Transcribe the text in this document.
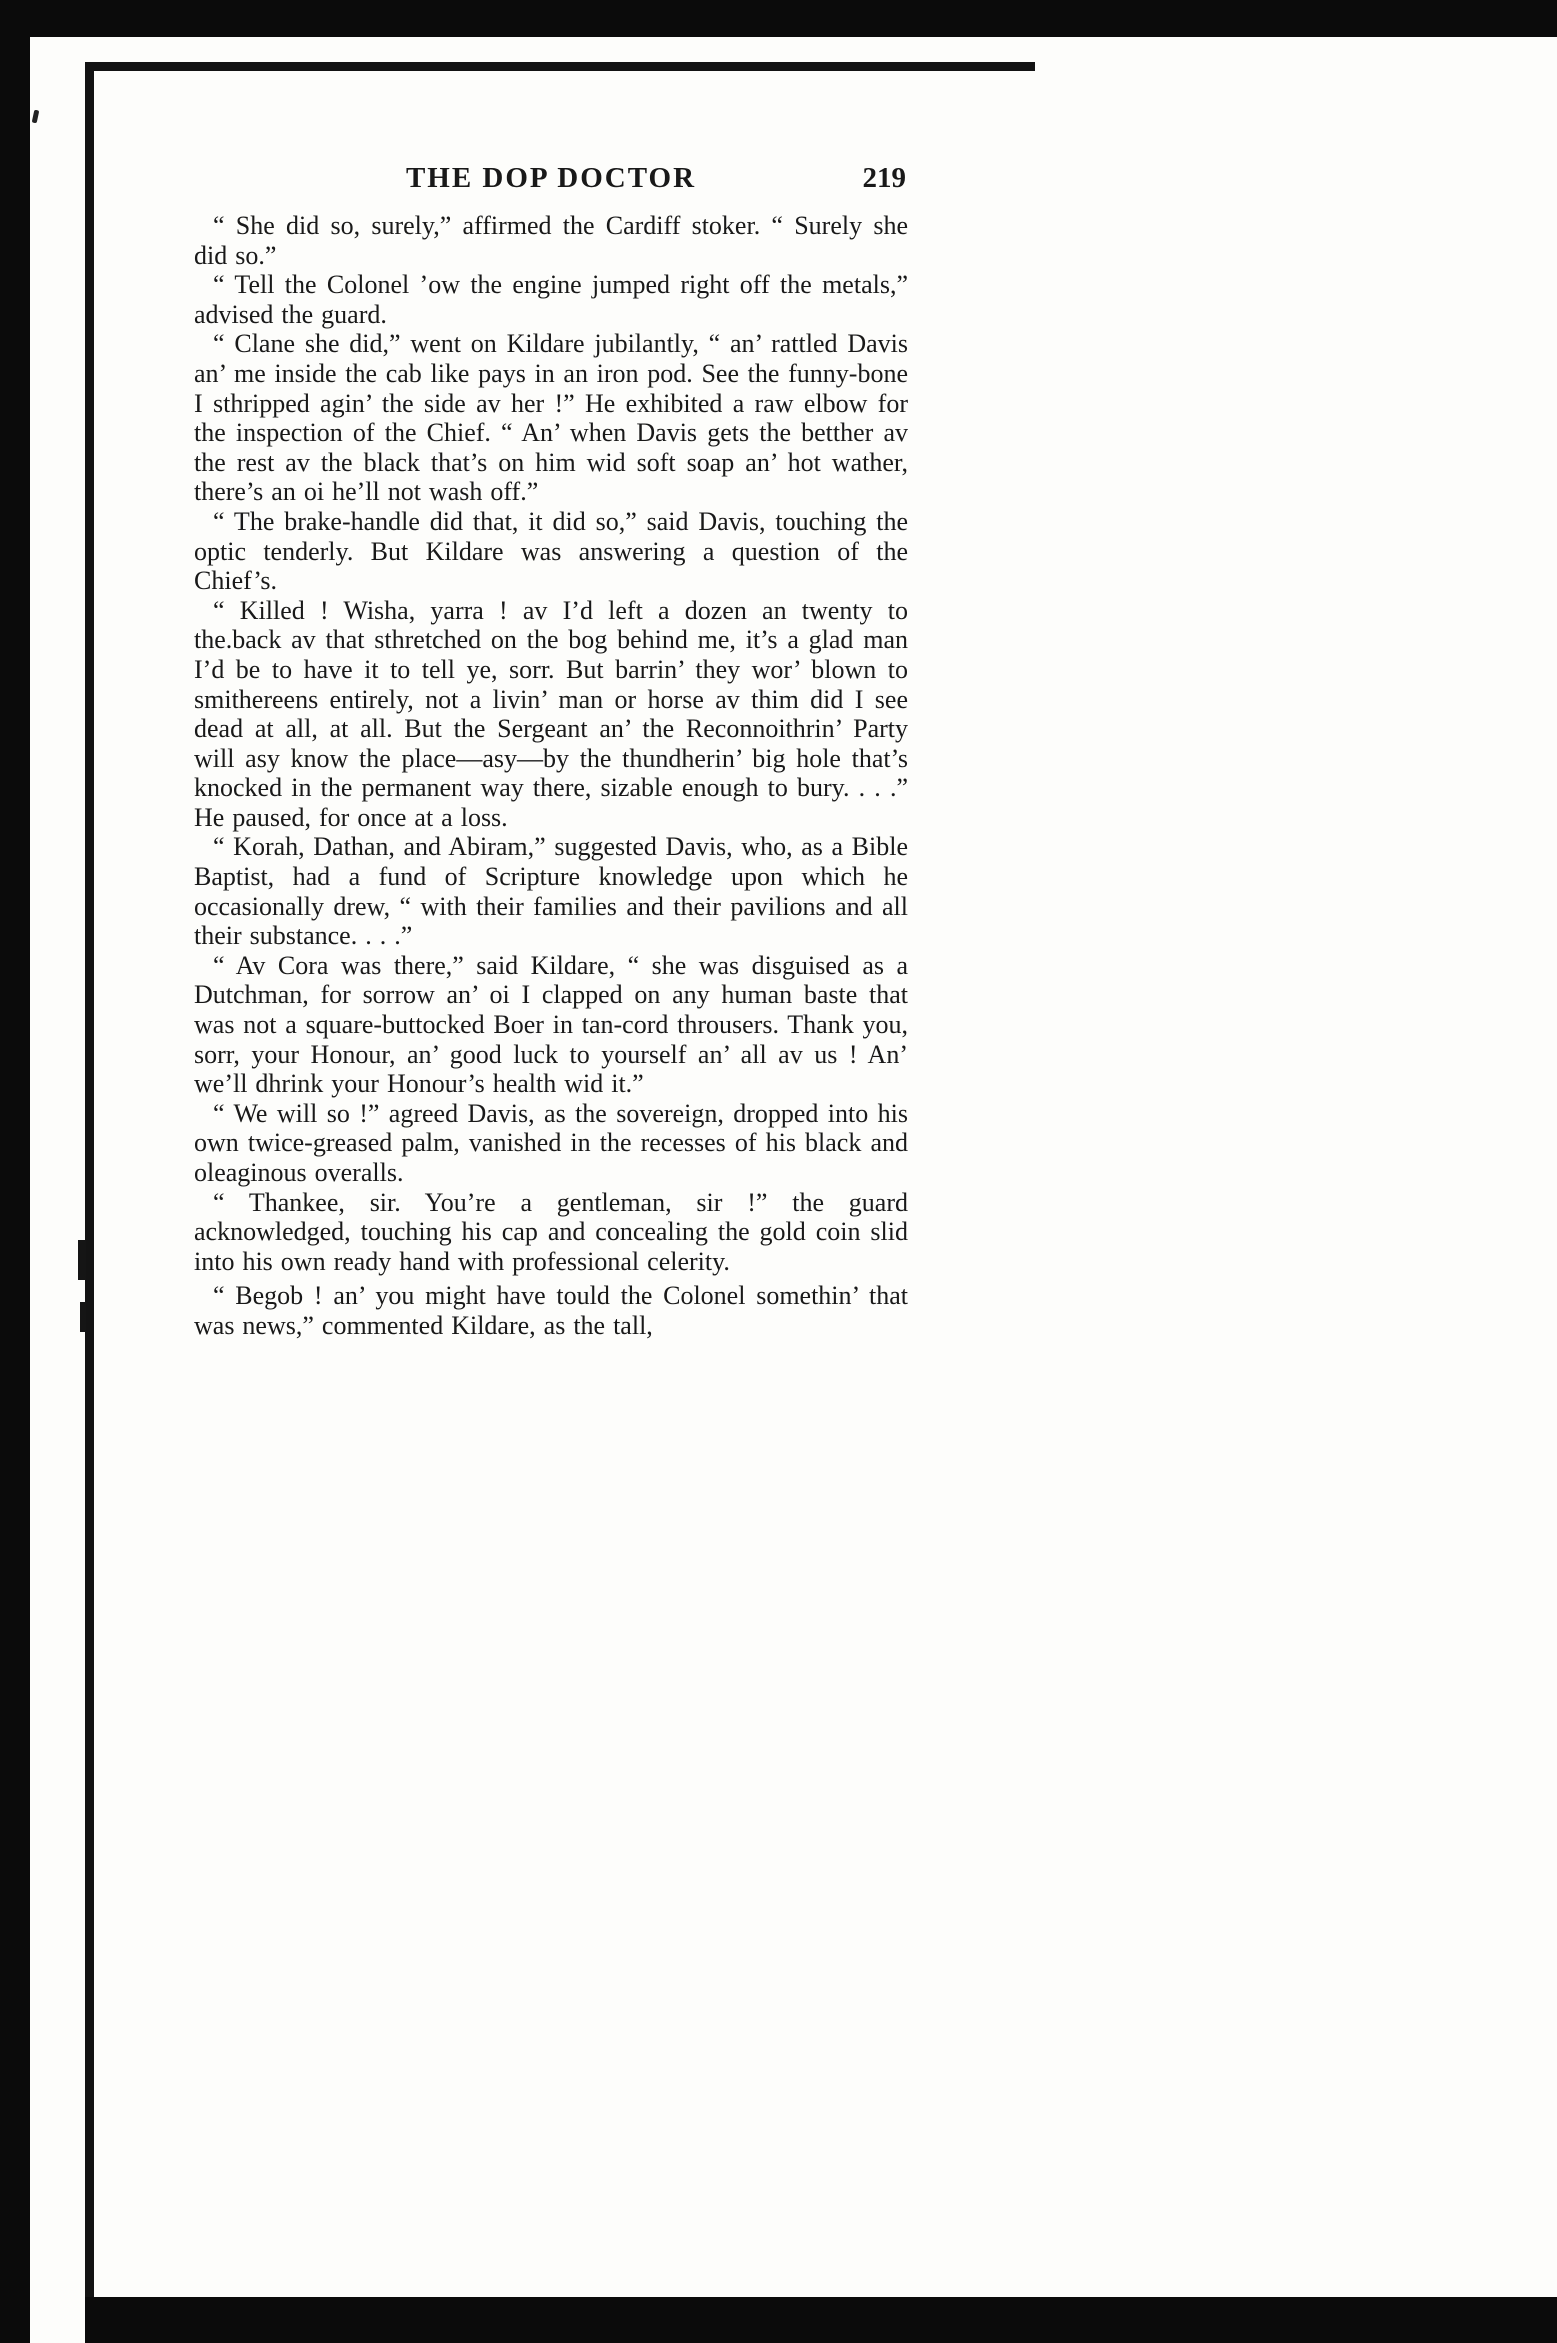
THE DOP DOCTOR	219

“ She did so, surely,” affirmed the Cardiff stoker. “ Surely she did so.”

“ Tell the Colonel ’ow the engine jumped right off the metals,” advised the guard.

“ Clane she did,” went on Kildare jubilantly, “ an’ rattled Davis an’ me inside the cab like pays in an iron pod. See the funny-bone I sthripped agin’ the side av her !” He exhibited a raw elbow for the inspection of the Chief. “ An’ when Davis gets the betther av the rest av the black that’s on him wid soft soap an’ hot wather, there’s an oi he’ll not wash off.”

“ The brake-handle did that, it did so,” said Davis, touching the optic tenderly. But Kildare was answering a question of the Chief’s.

“ Killed ! Wisha, yarra ! av I’d left a dozen an twenty to the.back av that sthretched on the bog behind me, it’s a glad man I’d be to have it to tell ye, sorr. But barrin’ they wor’ blown to smithereens entirely, not a livin’ man or horse av thim did I see dead at all, at all. But the Sergeant an’ the Reconnoithrin’ Party will asy know the place—asy—by the thundherin’ big hole that’s knocked in the permanent way there, sizable enough to bury. . . .” He paused, for once at a loss.

“ Korah, Dathan, and Abiram,” suggested Davis, who, as a Bible Baptist, had a fund of Scripture knowledge upon which he occasionally drew, “ with their families and their pavilions and all their substance. . . .”

“ Av Cora was there,” said Kildare, “ she was disguised as a Dutchman, for sorrow an’ oi I clapped on any human baste that was not a square-buttocked Boer in tan-cord throusers. Thank you, sorr, your Honour, an’ good luck to yourself an’ all av us ! An’ we’ll dhrink your Honour’s health wid it.”

“ We will so !” agreed Davis, as the sovereign, dropped into his own twice-greased palm, vanished in the recesses of his black and oleaginous overalls.

“ Thankee, sir. You’re a gentleman, sir !” the guard acknowledged, touching his cap and concealing the gold coin slid into his own ready hand with professional celerity.

“ Begob ! an’ you might have tould the Colonel somethin’ that was news,” commented Kildare, as the tall,
